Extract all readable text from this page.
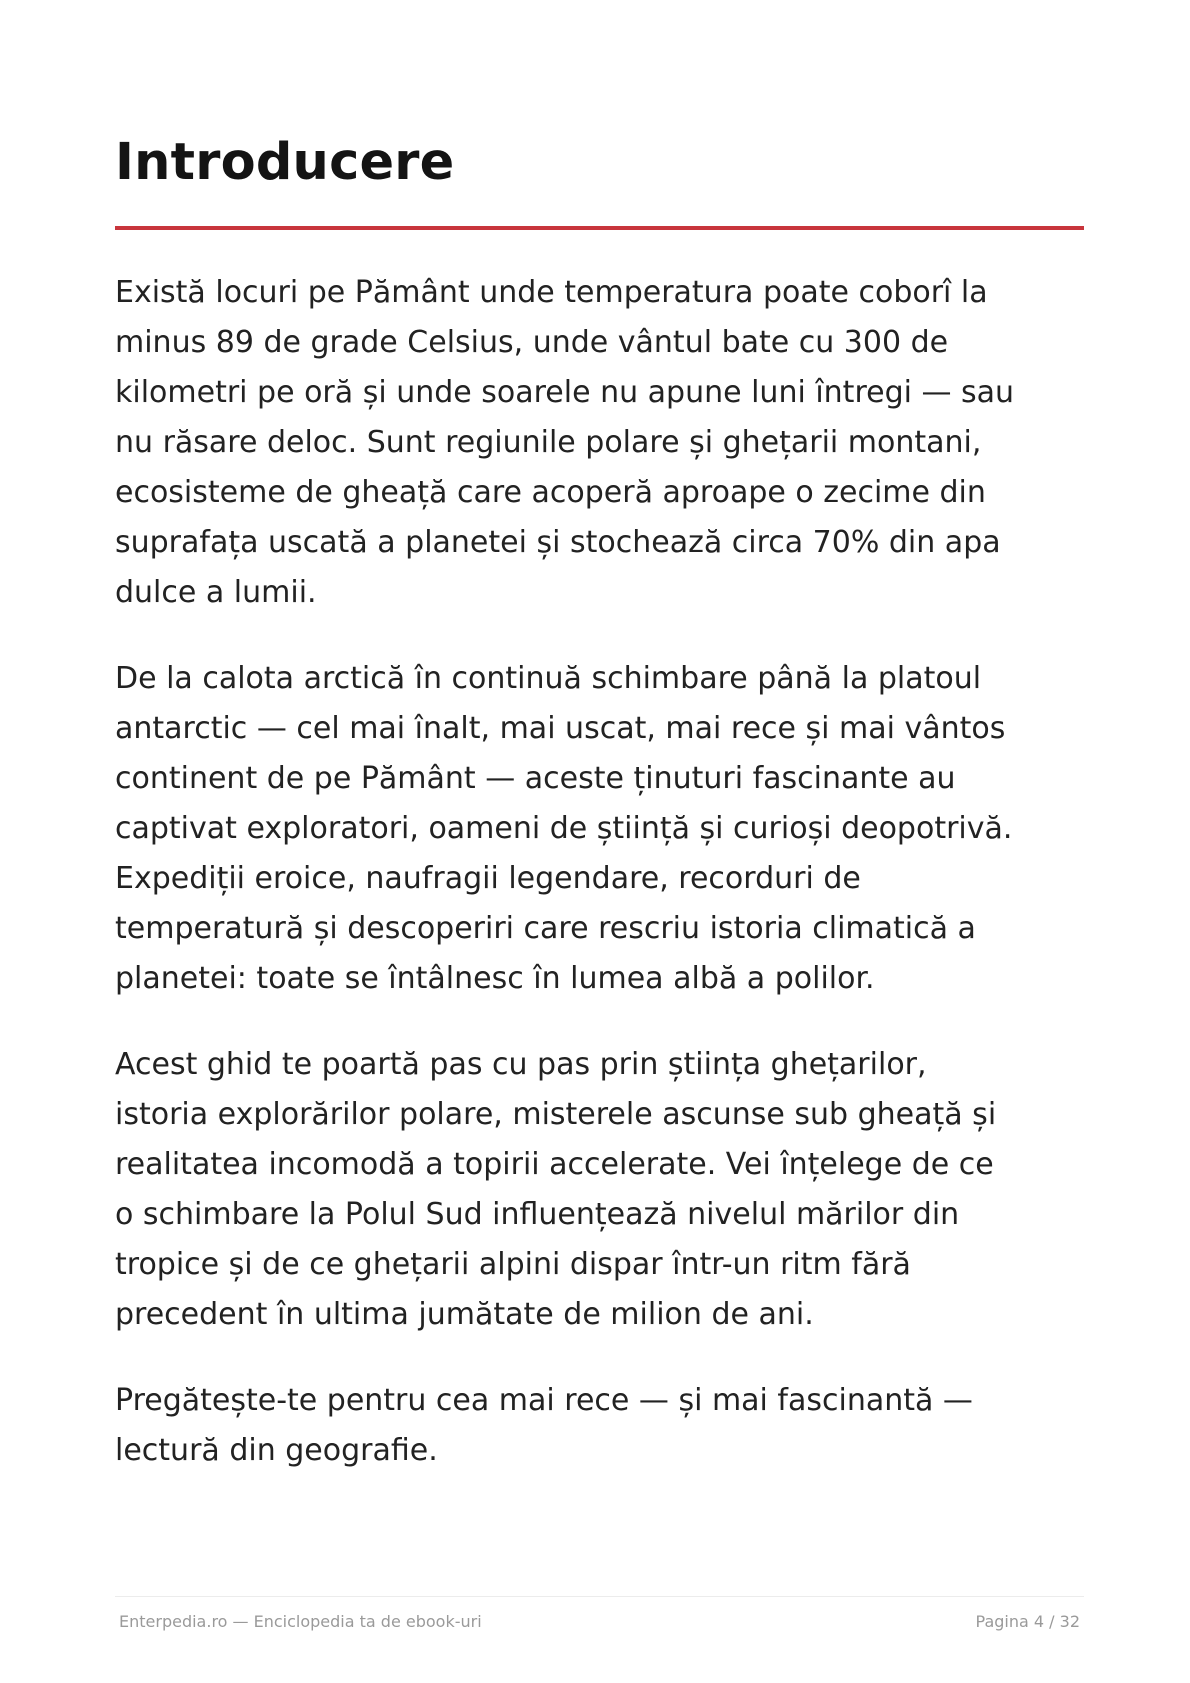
Introducere

Există locuri pe Pământ unde temperatura poate coborî la
minus 89 de grade Celsius, unde vântul bate cu 300 de
kilometri pe oră și unde soarele nu apune luni întregi — sau
nu răsare deloc. Sunt regiunile polare și ghețarii montani,
ecosisteme de gheață care acoperă aproape o zecime din
suprafața uscată a planetei și stochează circa 70% din apa
dulce a lumii.

De la calota arctică în continuă schimbare până la platoul
antarctic — cel mai înalt, mai uscat, mai rece și mai vântos
continent de pe Pământ — aceste ținuturi fascinante au
captivat exploratori, oameni de știință și curioși deopotrivă.
Expediții eroice, naufragii legendare, recorduri de
temperatură și descoperiri care rescriu istoria climatică a
planetei: toate se întâlnesc în lumea albă a polilor.

Acest ghid te poartă pas cu pas prin știința ghețarilor,
istoria explorărilor polare, misterele ascunse sub gheață și
realitatea incomodă a topirii accelerate. Vei înțelege de ce
o schimbare la Polul Sud influențează nivelul mărilor din
tropice și de ce ghețarii alpini dispar într-un ritm fără
precedent în ultima jumătate de milion de ani.

Pregătește-te pentru cea mai rece — și mai fascinantă —
lectură din geografie.

Enterpedia.ro — Enciclopedia ta de ebook-uri	Pagina 4 / 32
